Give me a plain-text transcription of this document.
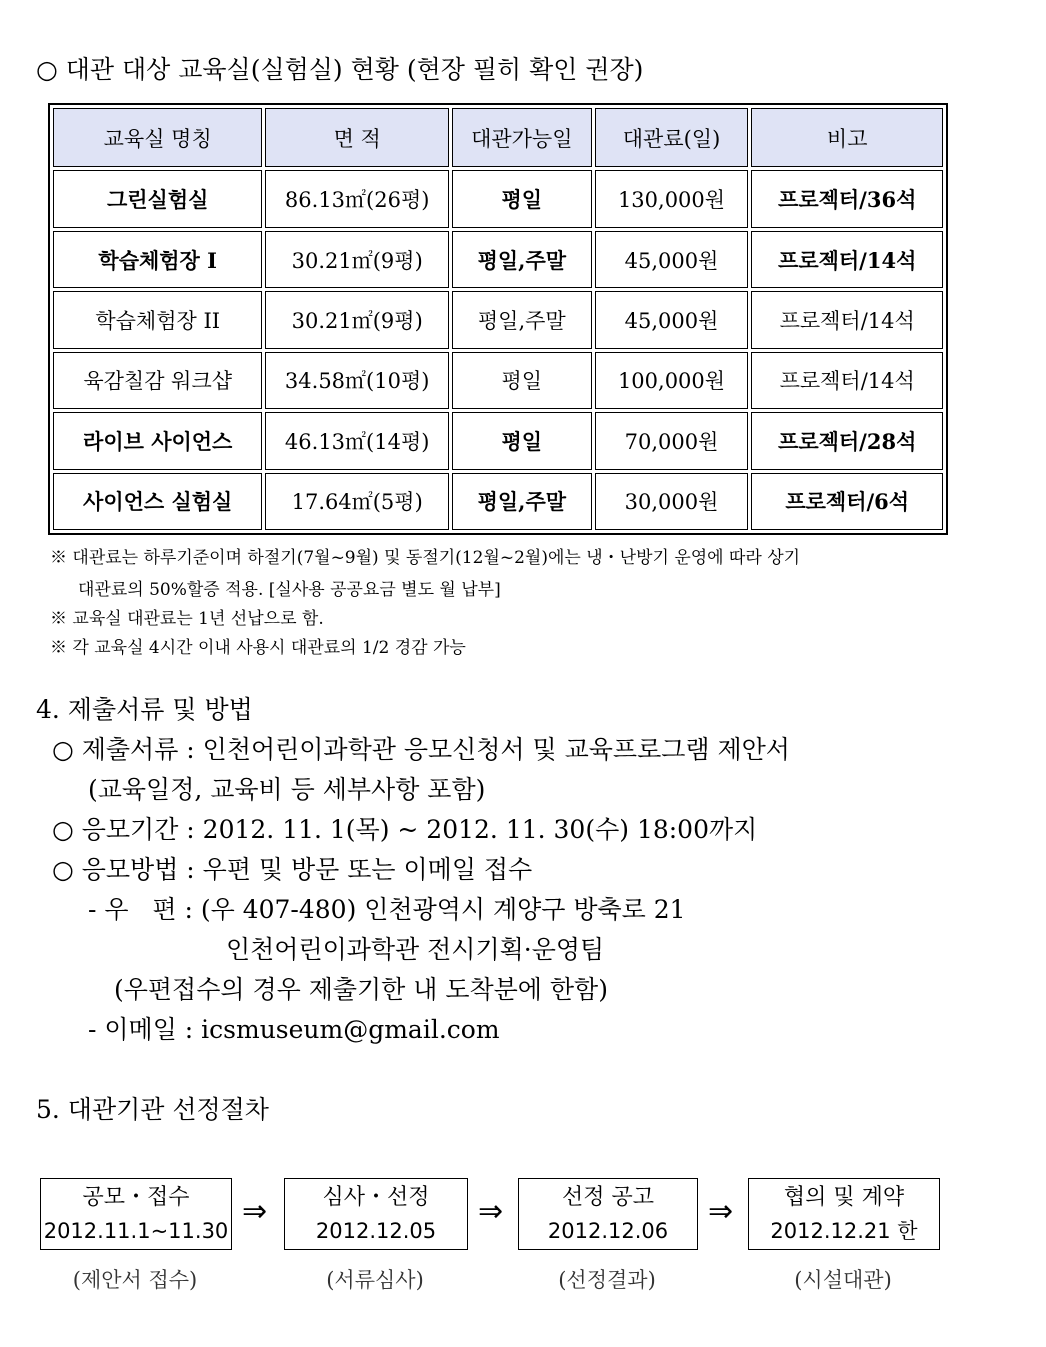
○ 대관 대상 교육실(실험실) 현황 (현장 필히 확인 권장)
교육실 명칭	면 적	대관가능일	대관료(일)	비고
그린실험실	86.13㎡(26평)	평일	130,000원	프로젝터/36석
학습체험장 I	30.21㎡(9평)	평일,주말	45,000원	프로젝터/14석
학습체험장 II	30.21㎡(9평)	평일,주말	45,000원	프로젝터/14석
육감칠감 워크샵	34.58㎡(10평)	평일	100,000원	프로젝터/14석
라이브 사이언스	46.13㎡(14평)	평일	70,000원	프로젝터/28석
사이언스 실험실	17.64㎡(5평)	평일,주말	30,000원	프로젝터/6석
※ 대관료는 하루기준이며 하절기(7월~9월) 및 동절기(12월~2월)에는 냉・난방기 운영에 따라 상기
대관료의 50%할증 적용. [실사용 공공요금 별도 월 납부]
※ 교육실 대관료는 1년 선납으로 함.
※ 각 교육실 4시간 이내 사용시 대관료의 1/2 경감 가능
4. 제출서류 및 방법
○ 제출서류 : 인천어린이과학관 응모신청서 및 교육프로그램 제안서
(교육일정, 교육비 등 세부사항 포함)
○ 응모기간 : 2012. 11. 1(목) ~ 2012. 11. 30(수) 18:00까지
○ 응모방법 : 우편 및 방문 또는 이메일 접수
- 우   편 : (우 407-480) 인천광역시 계양구 방축로 21
인천어린이과학관 전시기획·운영팀
(우편접수의 경우 제출기한 내 도착분에 한함)
- 이메일 : icsmuseum@gmail.com
5. 대관기관 선정절차
공모・접수
2012.11.1~11.30
⇒	심사・선정
2012.12.05
⇒	선정 공고
2012.12.06
⇒	협의 및 계약
2012.12.21 한
(제안서 접수)	(서류심사)	(선정결과)	(시설대관)
